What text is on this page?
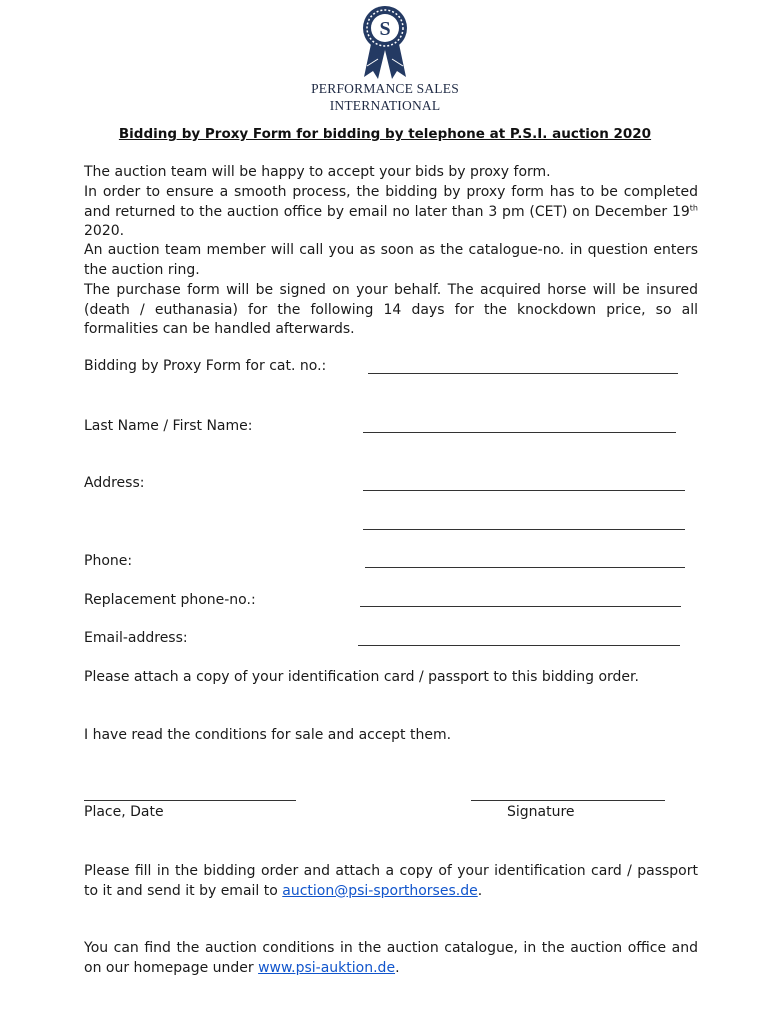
S
PERFORMANCE SALES
INTERNATIONAL
Bidding by Proxy Form for bidding by telephone at P.S.I. auction 2020
The auction team will be happy to accept your bids by proxy form.
In order to ensure a smooth process, the bidding by proxy form has to be completed and returned to the auction office by email no later than 3 pm (CET) on December 19th 2020.
An auction team member will call you as soon as the catalogue-no. in question enters the auction ring.
The purchase form will be signed on your behalf. The acquired horse will be insured (death / euthanasia) for the following 14 days for the knockdown price, so all formalities can be handled afterwards.
Bidding by Proxy Form for cat. no.:
Last Name / First Name:
Address:
Phone:
Replacement phone-no.:
Email-address:
Please attach a copy of your identification card / passport to this bidding order.
I have read the conditions for sale and accept them.
Place, Date	Signature
Please fill in the bidding order and attach a copy of your identification card / passport to it and send it by email to auction@psi-sporthorses.de.
You can find the auction conditions in the auction catalogue, in the auction office and on our homepage under www.psi-auktion.de.
